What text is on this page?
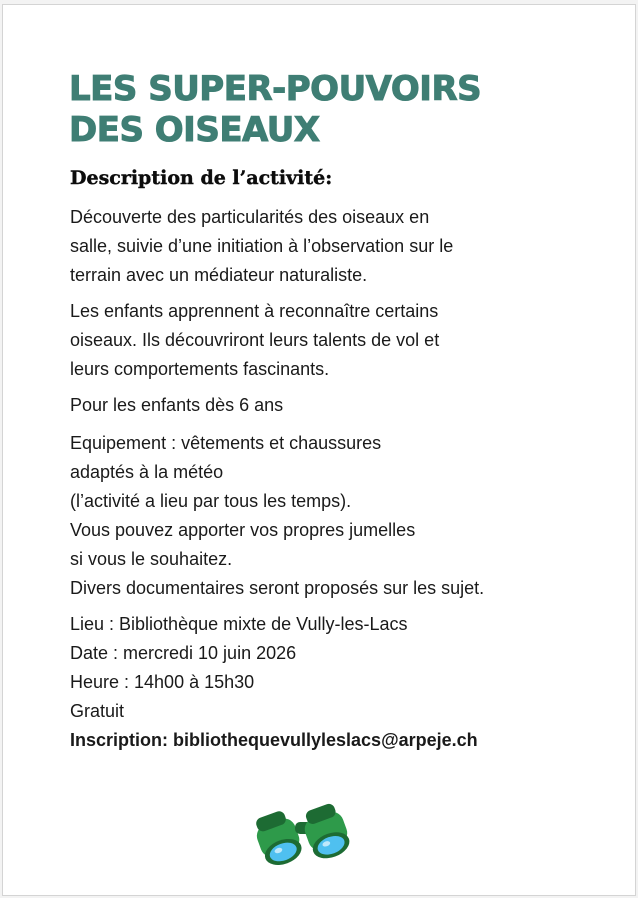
LES SUPER-POUVOIRS
DES OISEAUX
Description de l’activité:

Découverte des particularités des oiseaux en

salle, suivie d’une initiation à l’observation sur le

terrain avec un médiateur naturaliste.

Les enfants apprennent à reconnaître certains

oiseaux. Ils découvriront leurs talents de vol et

leurs comportements fascinants.

Pour les enfants dès 6 ans

Equipement : vêtements et chaussures

adaptés à la météo

(l’activité a lieu par tous les temps).

Vous pouvez apporter vos propres jumelles

si vous le souhaitez.

Divers documentaires seront proposés sur les sujet.

Lieu : Bibliothèque mixte de Vully-les-Lacs

Date : mercredi 10 juin 2026

Heure : 14h00 à 15h30

Gratuit

Inscription: bibliothequevullyleslacs@arpeje.ch
